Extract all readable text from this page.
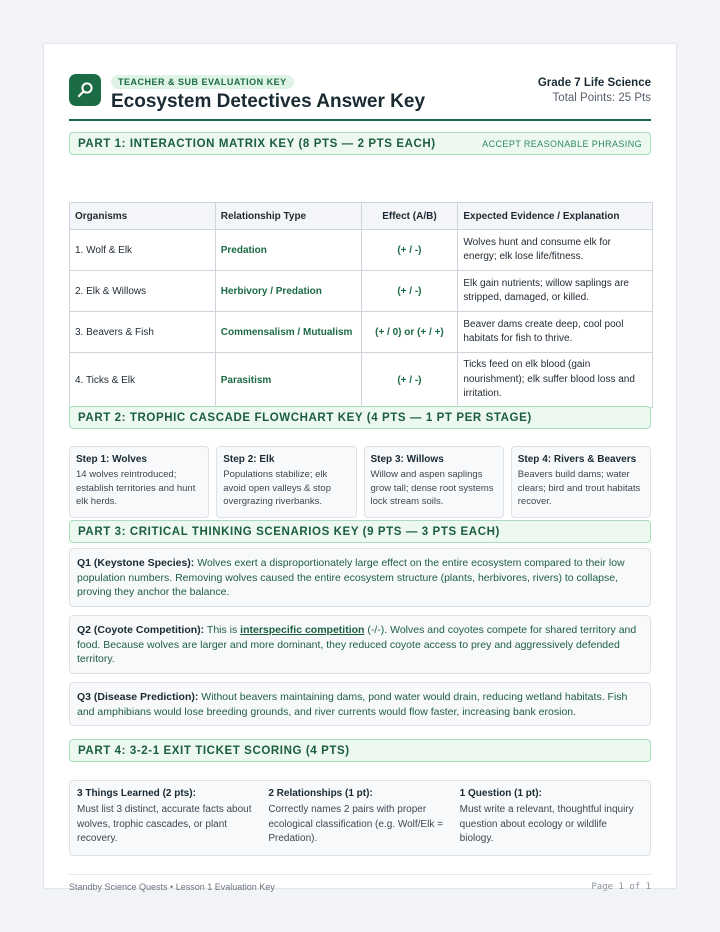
TEACHER & SUB EVALUATION KEY
Ecosystem Detectives Answer Key
Grade 7 Life Science
Total Points: 25 Pts
PART 1: INTERACTION MATRIX KEY (8 PTS — 2 PTS EACH)	ACCEPT REASONABLE PHRASING
Organisms	Relationship Type	Effect (A/B)	Expected Evidence / Explanation
1. Wolf & Elk	Predation	(+ / -)	Wolves hunt and consume elk for energy; elk lose life/fitness.
2. Elk & Willows	Herbivory / Predation	(+ / -)	Elk gain nutrients; willow saplings are stripped, damaged, or killed.
3. Beavers & Fish	Commensalism / Mutualism	(+ / 0) or (+ / +)	Beaver dams create deep, cool pool habitats for fish to thrive.
4. Ticks & Elk	Parasitism	(+ / -)	Ticks feed on elk blood (gain nourishment); elk suffer blood loss and irritation.
PART 2: TROPHIC CASCADE FLOWCHART KEY (4 PTS — 1 PT PER STAGE)
Step 1: Wolves
14 wolves reintroduced; establish territories and hunt elk herds.
Step 2: Elk
Populations stabilize; elk avoid open valleys & stop overgrazing riverbanks.
Step 3: Willows
Willow and aspen saplings grow tall; dense root systems lock stream soils.
Step 4: Rivers & Beavers
Beavers build dams; water clears; bird and trout habitats recover.
PART 3: CRITICAL THINKING SCENARIOS KEY (9 PTS — 3 PTS EACH)
Q1 (Keystone Species): Wolves exert a disproportionately large effect on the entire ecosystem compared to their low population numbers. Removing wolves caused the entire ecosystem structure (plants, herbivores, rivers) to collapse, proving they anchor the balance.
Q2 (Coyote Competition): This is interspecific competition (-/-). Wolves and coyotes compete for shared territory and food. Because wolves are larger and more dominant, they reduced coyote access to prey and aggressively defended territory.
Q3 (Disease Prediction): Without beavers maintaining dams, pond water would drain, reducing wetland habitats. Fish and amphibians would lose breeding grounds, and river currents would flow faster, increasing bank erosion.
PART 4: 3-2-1 EXIT TICKET SCORING (4 PTS)
3 Things Learned (2 pts):
Must list 3 distinct, accurate facts about wolves, trophic cascades, or plant recovery.
2 Relationships (1 pt):
Correctly names 2 pairs with proper ecological classification (e.g. Wolf/Elk = Predation).
1 Question (1 pt):
Must write a relevant, thoughtful inquiry question about ecology or wildlife biology.
Standby Science Quests • Lesson 1 Evaluation Key	Page 1 of 1
